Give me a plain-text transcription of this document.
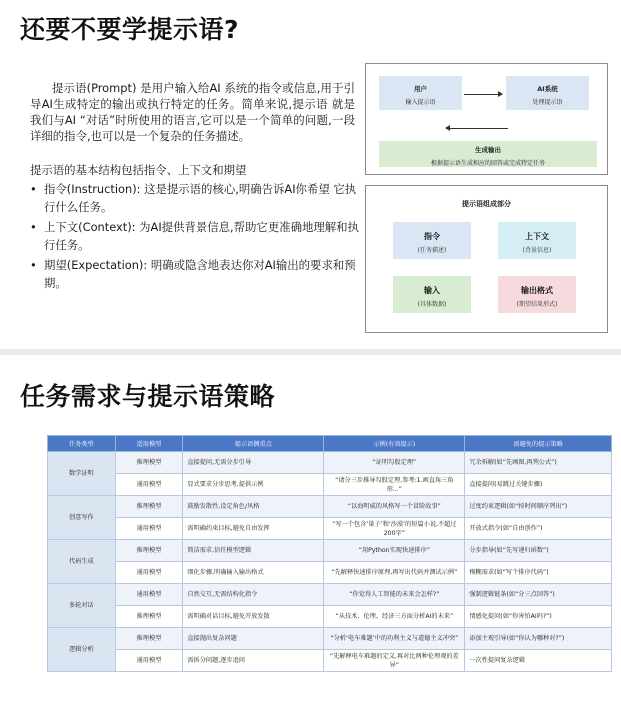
还要不要学提示语?

提示语(Prompt) 是用户输入给AI 系统的指令或信息,用于引导AI生成特定的输出或执行特定的任务。简单来说,提示语 就是我们与AI “对话”时所使用的语言,它可以是一个简单的问题,一段详细的指令,也可以是一个复杂的任务描述。

提示语的基本结构包括指令、上下文和期望

• 指令(Instruction): 这是提示语的核心,明确告诉AI你希望 它执行什么任务。
• 上下文(Context): 为AI提供背景信息,帮助它更准确地理解和执行任务。
• 期望(Expectation): 明确或隐含地表达你对AI输出的要求和预期。
用户
输入提示语
AI系统
处理提示语
生成输出
根据提示语生成相应的回答或完成特定任务
提示语组成部分
指令
(任务描述)
上下文
(背景信息)
输入
(具体数据)
输出格式
(期望结果形式)
任务需求与提示语策略
任务类型	适用模型	提示语侧重点	示例(有效提示)	需避免的提示策略
数学证明	推理模型	直接提问,无需分步引导	“证明勾股定理”	冗余拆解(如“先画图,再列公式”)
	通用模型	显式要求分步思考,提供示例	“请分三步推导勾股定理,参考:1.画直角三角形...”	直接提问(易跳过关键步骤)
创意写作	推理模型	鼓励发散性,设定角色/风格	“以海明威的风格写一个冒险故事”	过度约束逻辑(如“按时间顺序列出”)
	通用模型	需明确约束目标,避免自由发挥	“写一个包含‘量子’和‘沙漠’的短篇小说,不超过200字”	开放式指令(如“自由创作”)
代码生成	推理模型	简洁需求,信任模型逻辑	“用Python实现快速排序”	分步指导(如“先写递归函数”)
	通用模型	细化步骤,明确输入输出格式	“先解释快速排序原理,再写出代码并测试示例”	模糊需求(如“写个排序代码”)
多轮对话	通用模型	自然交互,无需结构化指令	“你觉得人工智能的未来会怎样?”	强制逻辑链条(如“分三点回答”)
	推理模型	需明确对话目标,避免开放发散	“从技术、伦理、经济三方面分析AI的未来”	情感化提问(如“你害怕AI吗?”)
逻辑分析	推理模型	直接抛出复杂问题	“分析‘电车难题’中的功利主义与道德主义冲突”	添加主观引导(如“你认为哪种对?”)
	通用模型	需拆分问题,逐步追问	“先解释电车难题的定义,再对比两种伦理观的差异”	一次性提问复杂逻辑
